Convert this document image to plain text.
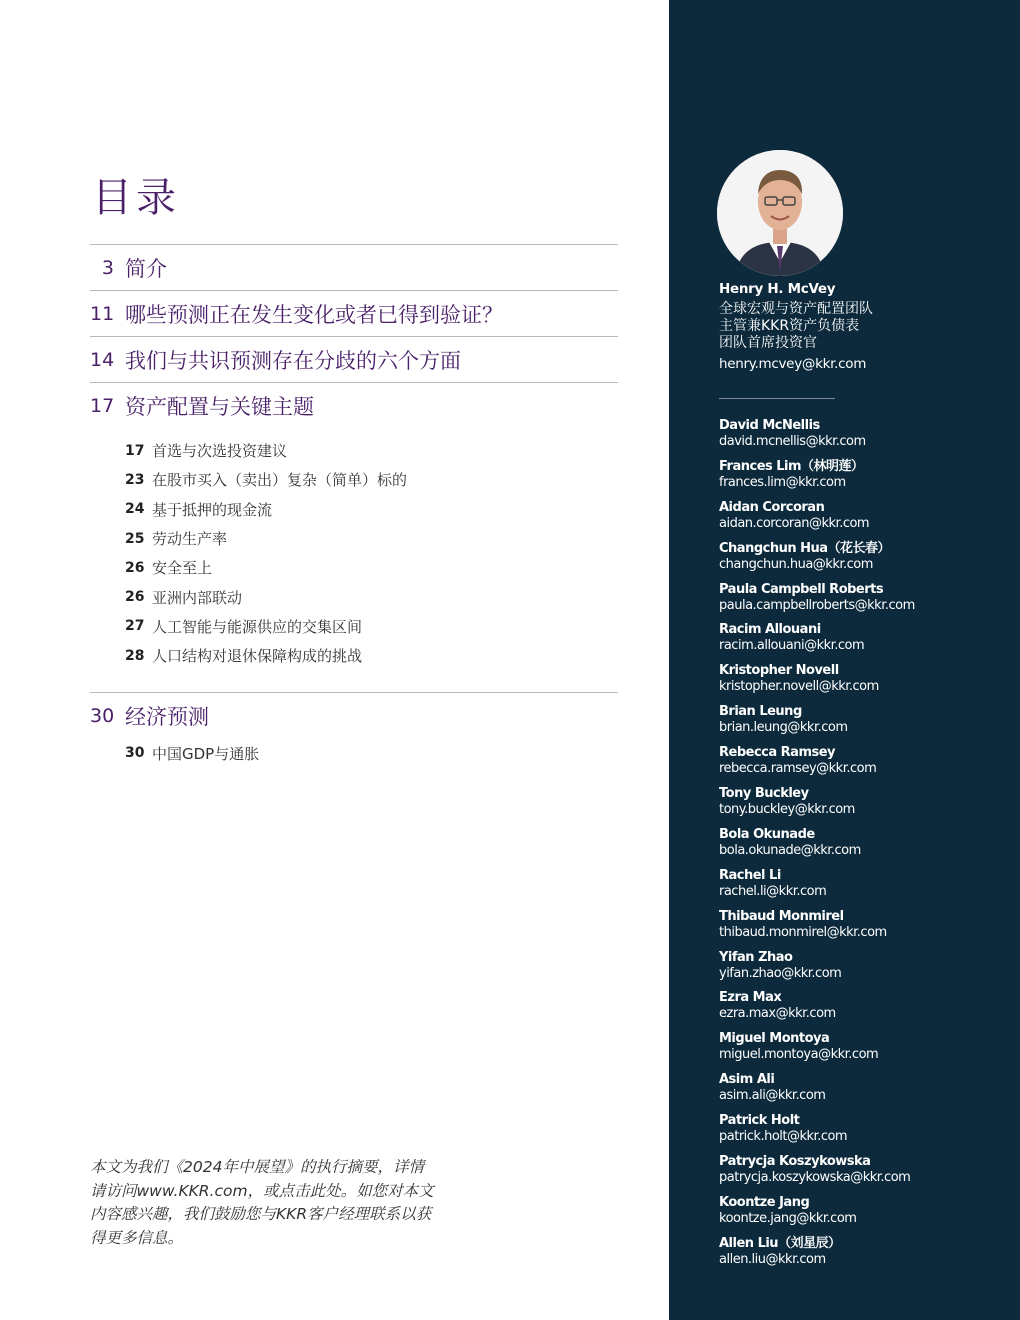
目录
3 简介
11 哪些预测正在发生变化或者已得到验证？
14 我们与共识预测存在分歧的六个方面
17 资产配置与关键主题
17 首选与次选投资建议
23 在股市买入（卖出）复杂（简单）标的
24 基于抵押的现金流
25 劳动生产率
26 安全至上
26 亚洲内部联动
27 人工智能与能源供应的交集区间
28 人口结构对退休保障构成的挑战
30 经济预测
30 中国GDP与通胀

本文为我们《2024年中展望》的执行摘要，详情请访问www.KKR.com，或点击此处。如您对本文内容感兴趣，我们鼓励您与KKR客户经理联系以获得更多信息。

Henry H. McVey

全球宏观与资产配置团队

主管兼KKR资产负债表

团队首席投资官

henry.mcvey@kkr.com

David McNellis
david.mcnellis@kkr.com
Frances Lim（林明莲）
frances.lim@kkr.com
Aidan Corcoran
aidan.corcoran@kkr.com
Changchun Hua（花长春）
changchun.hua@kkr.com
Paula Campbell Roberts
paula.campbellroberts@kkr.com
Racim Allouani
racim.allouani@kkr.com
Kristopher Novell
kristopher.novell@kkr.com
Brian Leung
brian.leung@kkr.com
Rebecca Ramsey
rebecca.ramsey@kkr.com
Tony Buckley
tony.buckley@kkr.com
Bola Okunade
bola.okunade@kkr.com
Rachel Li
rachel.li@kkr.com
Thibaud Monmirel
thibaud.monmirel@kkr.com
Yifan Zhao
yifan.zhao@kkr.com
Ezra Max
ezra.max@kkr.com
Miguel Montoya
miguel.montoya@kkr.com
Asim Ali
asim.ali@kkr.com
Patrick Holt
patrick.holt@kkr.com
Patrycja Koszykowska
patrycja.koszykowska@kkr.com
Koontze Jang
koontze.jang@kkr.com
Allen Liu（刘星辰）
allen.liu@kkr.com
